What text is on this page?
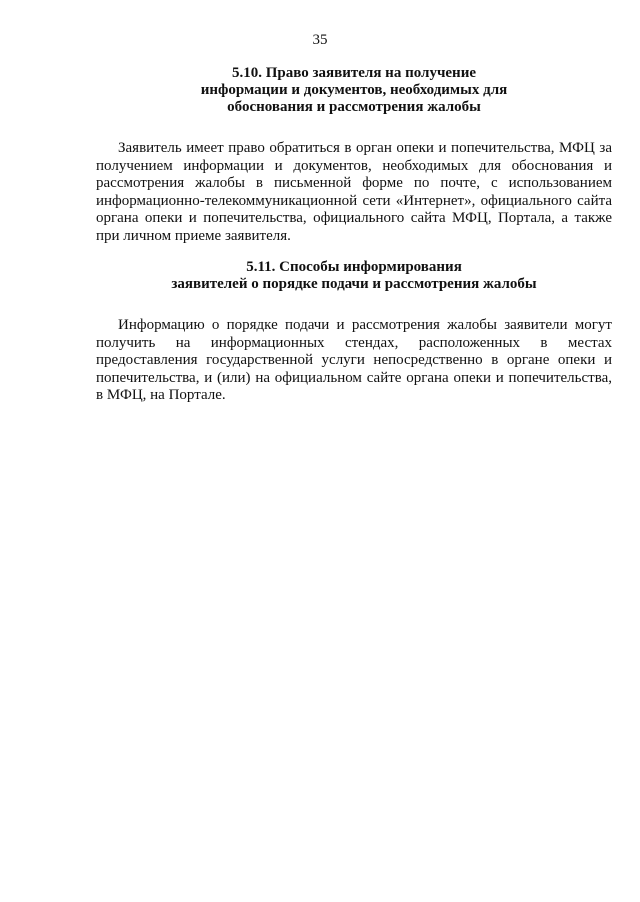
35
5.10. Право заявителя на получение
информации и документов, необходимых для
обоснования и рассмотрения жалобы

Заявитель имеет право обратиться в орган опеки и попечительства, МФЦ за получением информации и документов, необходимых для обоснования и рассмотрения жалобы в письменной форме по почте, с использованием информационно-телекоммуникационной сети «Интернет», официального сайта органа опеки и попечительства, официального сайта МФЦ, Портала, а также при личном приеме заявителя.

5.11. Способы информирования
заявителей о порядке подачи и рассмотрения жалобы

Информацию о порядке подачи и рассмотрения жалобы заявители могут получить на информационных стендах, расположенных в местах предоставления государственной услуги непосредственно в органе опеки и попечительства, и (или) на официальном сайте органа опеки и попечительства, в МФЦ, на Портале.
